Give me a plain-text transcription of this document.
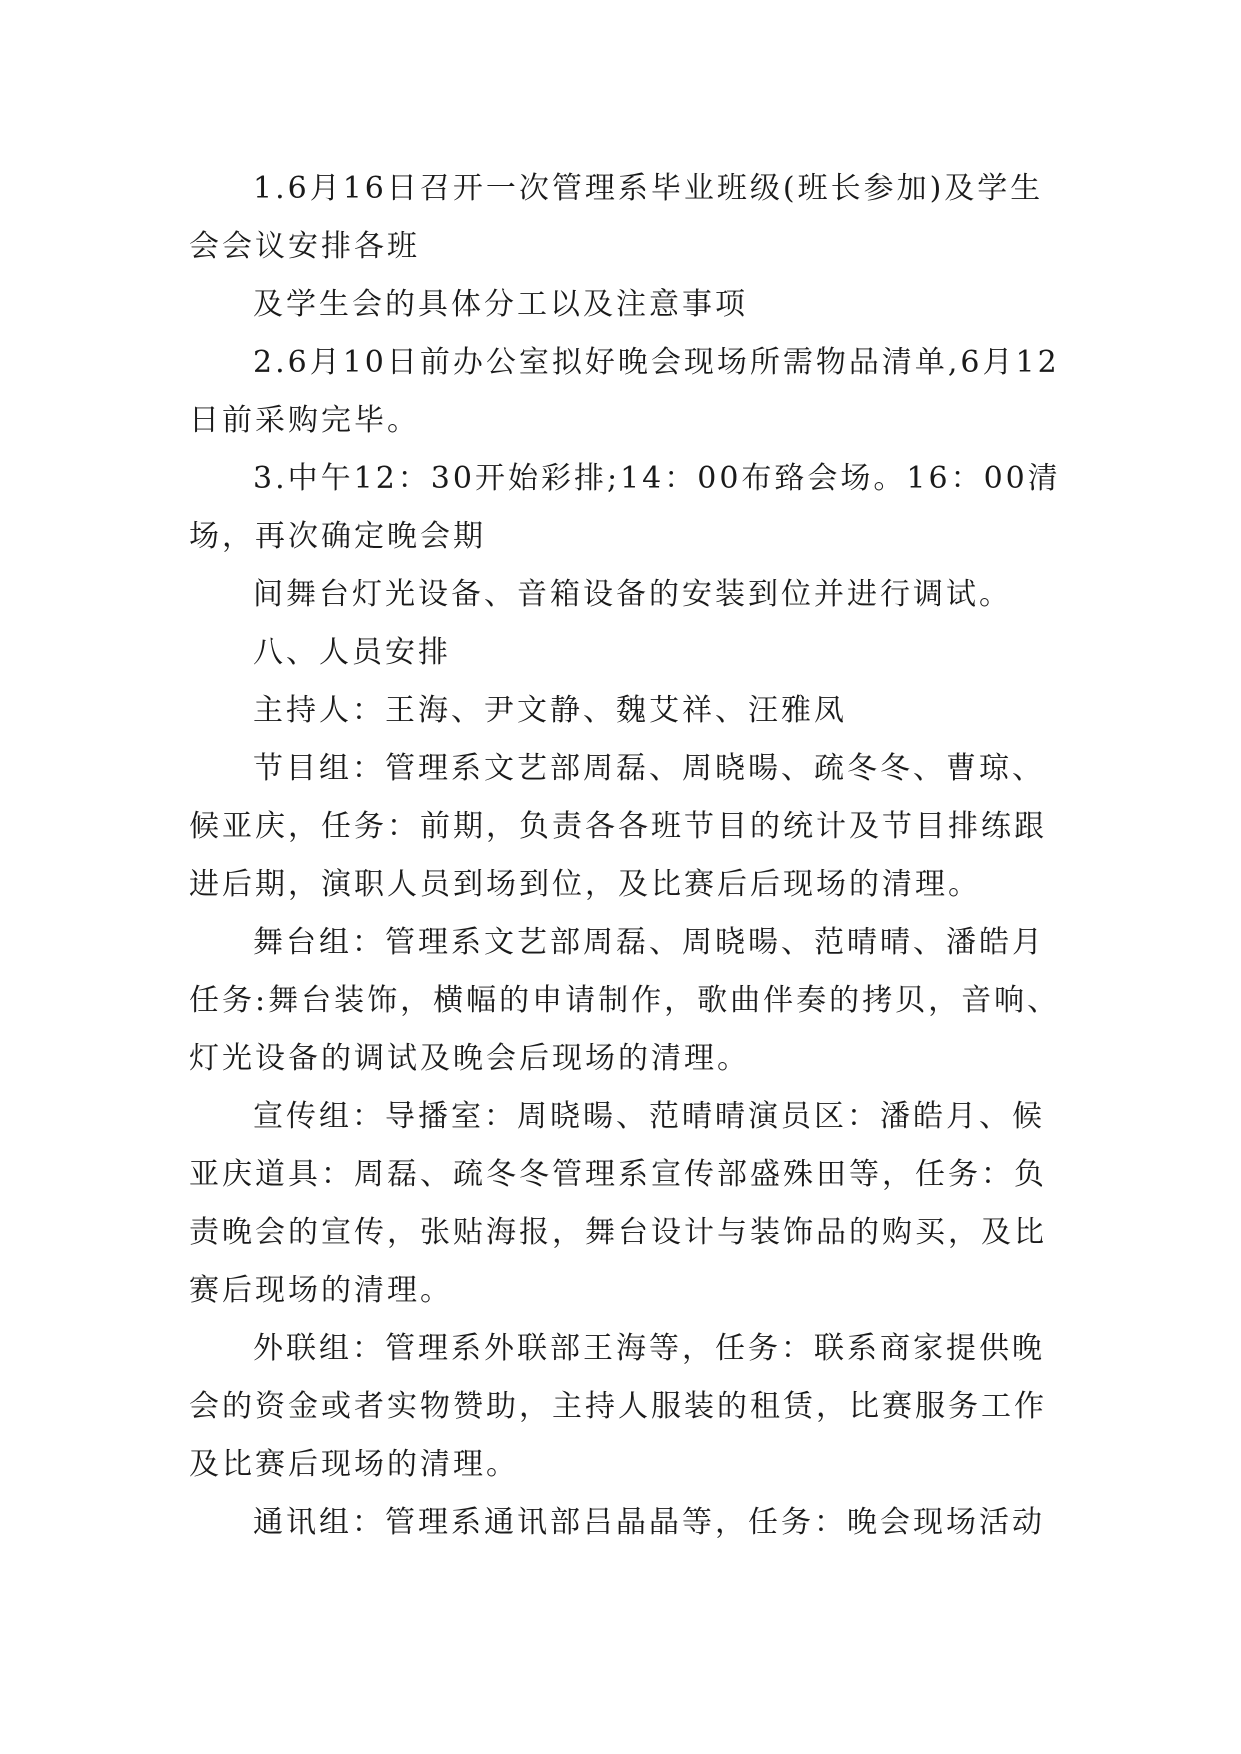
1.6月16日召开一次管理系毕业班级(班长参加)及学生会会议安排各班

及学生会的具体分工以及注意事项

2.6月10日前办公室拟好晚会现场所需物品清单,6月12日前采购完毕。

3.中午12：30开始彩排;14：00布臵会场。16：00清场，再次确定晚会期

间舞台灯光设备、音箱设备的安装到位并进行调试。

八、人员安排

主持人：王海、尹文静、魏艾祥、汪雅凤

节目组：管理系文艺部周磊、周晓暘、疏冬冬、曹琼、候亚庆，任务：前期，负责各各班节目的统计及节目排练跟进后期，演职人员到场到位，及比赛后后现场的清理。

舞台组：管理系文艺部周磊、周晓暘、范晴晴、潘皓月任务:舞台装饰，横幅的申请制作，歌曲伴奏的拷贝，音响、灯光设备的调试及晚会后现场的清理。

宣传组：导播室：周晓暘、范晴晴演员区：潘皓月、候亚庆道具：周磊、疏冬冬管理系宣传部盛殊田等，任务：负责晚会的宣传，张贴海报，舞台设计与装饰品的购买，及比赛后现场的清理。

外联组：管理系外联部王海等，任务：联系商家提供晚会的资金或者实物赞助，主持人服装的租赁，比赛服务工作及比赛后现场的清理。

通讯组：管理系通讯部吕晶晶等，任务：晚会现场活动
